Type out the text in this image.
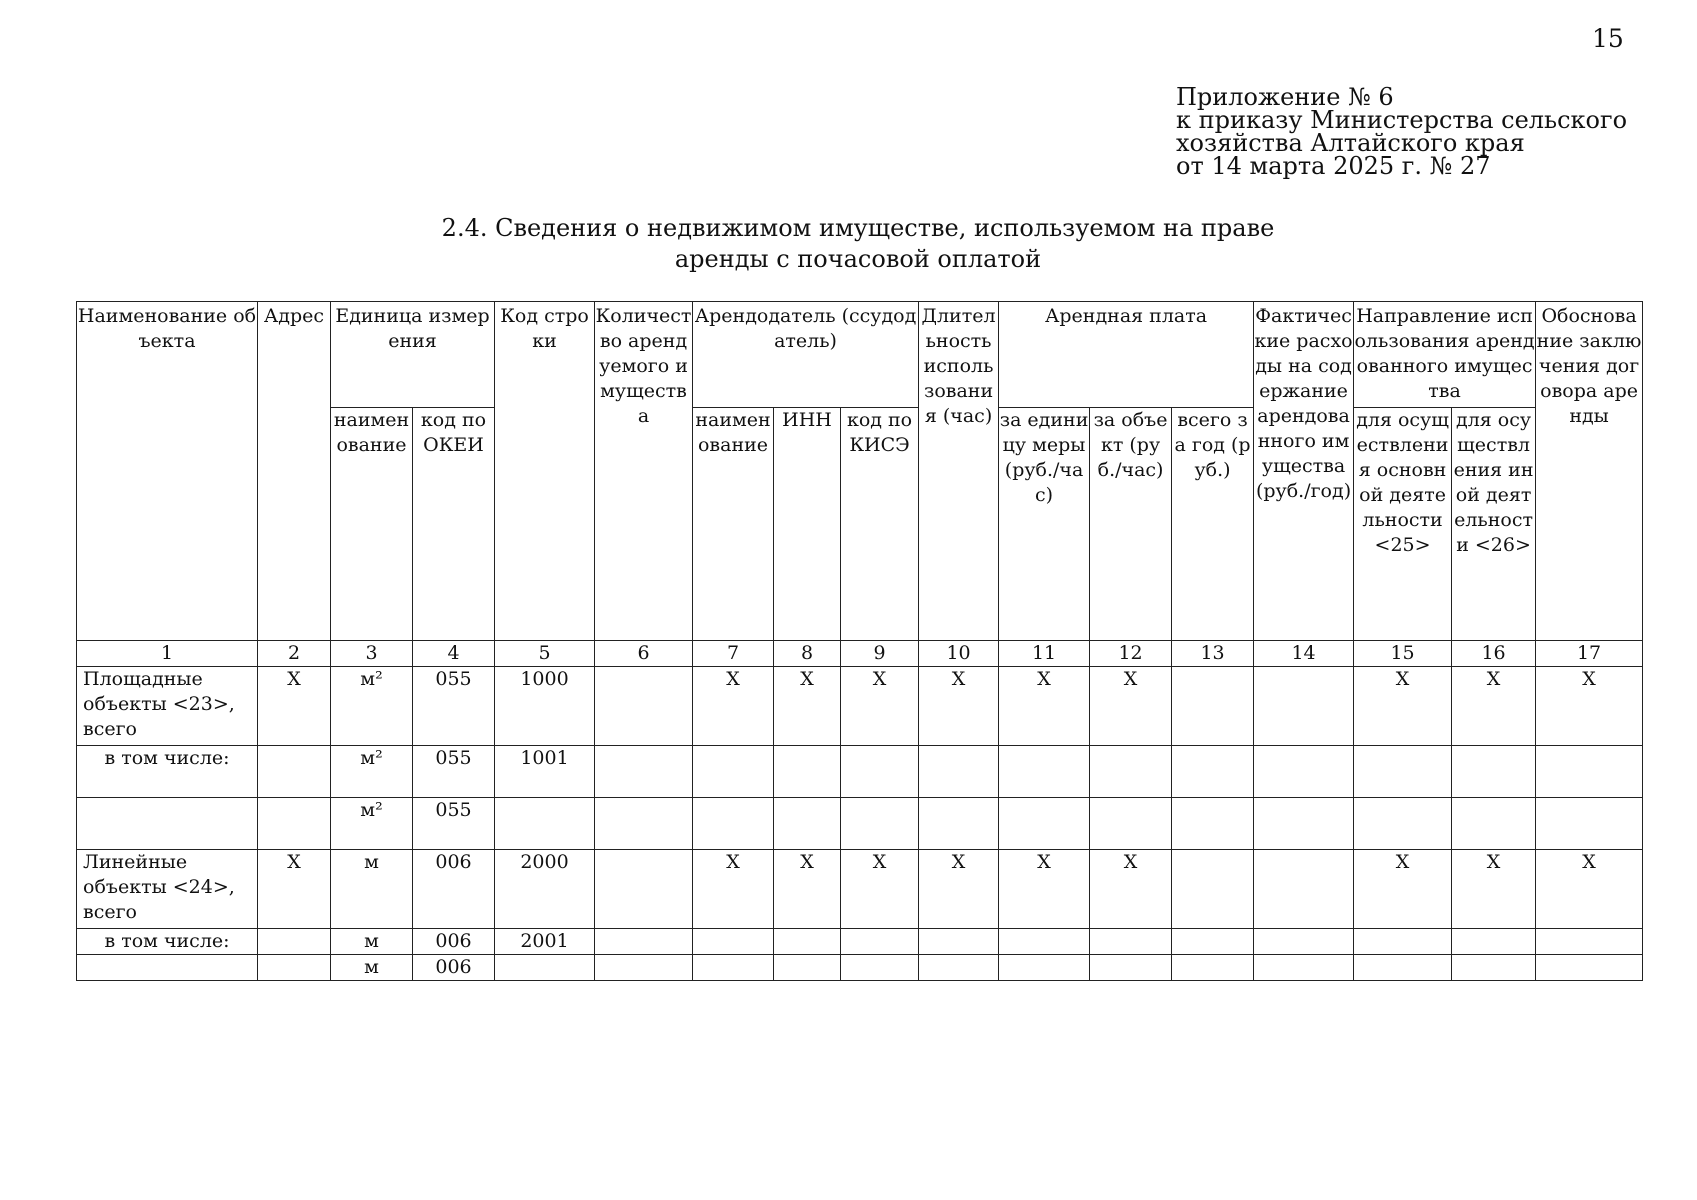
15
Приложение № 6
к приказу Министерства сельского
хозяйства Алтайского края
от 14 марта 2025 г. № 27
2.4. Сведения о недвижимом имуществе, используемом на праве
аренды с почасовой оплатой
Наименование объекта	Адрес	Единица измерения		Код строки	Количество арендуемого имущества	Арендодатель (ссудодатель)			Длительность использования (час)	Арендная плата			Фактические расходы на содержание арендованного имущества (руб./год)	Направление использования арендованного имущества		Обоснование заключения договора аренды
		наименование	код по ОКЕИ			наименование	ИНН	код по КИСЭ		за единицу меры (руб./час)	за объект (руб./час)	всего за год (руб.)		для осуществления основной деятельности <25>	для осуществления иной деятельности <26>	
1	2	3	4	5	6	7	8	9	10	11	12	13	14	15	16	17
Площадные объекты <23>, всего	X	м²	055	1000		X	X	X	X	X	X			X	X	X
в том числе:		м²	055	1001												
		м²	055													
Линейные объекты <24>, всего	X	м	006	2000		X	X	X	X	X	X			X	X	X
в том числе:		м	006	2001												
		м	006													
